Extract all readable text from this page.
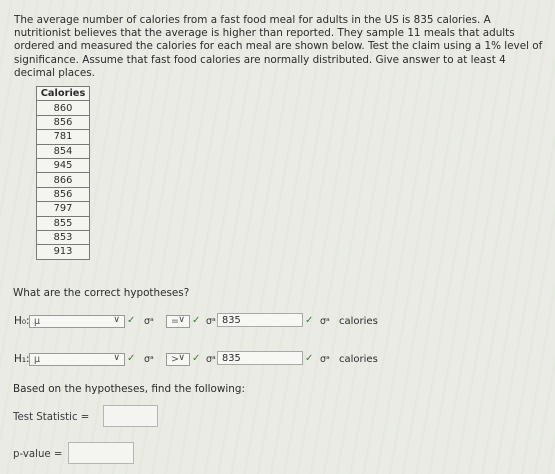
The average number of calories from a fast food meal for adults in the US is 835 calories. A nutritionist believes that the average is higher than reported. They sample 11 meals that adults ordered and measured the calories for each meal are shown below. Test the claim using a 1% level of significance. Assume that fast food calories are normally distributed. Give answer to at least 4 decimal places.
Calories
860
856
781
854
945
866
856
797
855
853
913
What are the correct hypotheses?
H₀: μ	∨ ✓ σᵃ = ∨ ✓ σᵃ 835	✓ σᵃ calories
H₁: μ	∨ ✓ σᵃ > ∨ ✓ σᵃ 835	✓ σᵃ calories
Based on the hypotheses, find the following:
Test Statistic =
p-value =
